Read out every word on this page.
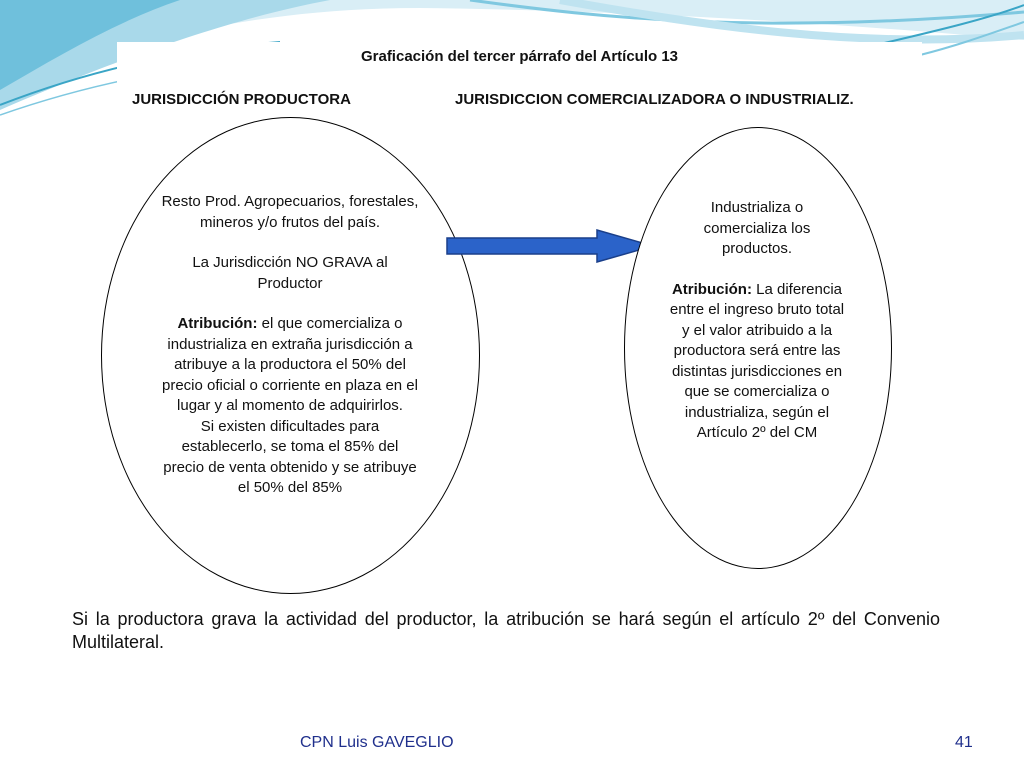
Graficación del tercer párrafo del Artículo 13
JURISDICCIÓN PRODUCTORA	JURISDICCION COMERCIALIZADORA O INDUSTRIALIZ.

Resto Prod. Agropecuarios, forestales, mineros y/o frutos del país.

La Jurisdicción NO GRAVA al Productor

Atribución: el que comercializa o industrializa en extraña jurisdicción a atribuye a la productora el 50% del precio oficial o corriente en plaza en el lugar y al momento de adquirirlos.

Si existen dificultades para establecerlo, se toma el 85% del precio de venta obtenido y se atribuye el 50% del 85%

Industrializa o comercializa los productos.

Atribución: La diferencia entre el ingreso bruto total y el valor atribuido a la productora será entre las distintas jurisdicciones en que se comercializa o industrializa, según el Artículo 2º del CM

Si la productora grava la actividad del productor, la atribución se hará según el artículo 2º del Convenio Multilateral.
CPN Luis GAVEGLIO	41
